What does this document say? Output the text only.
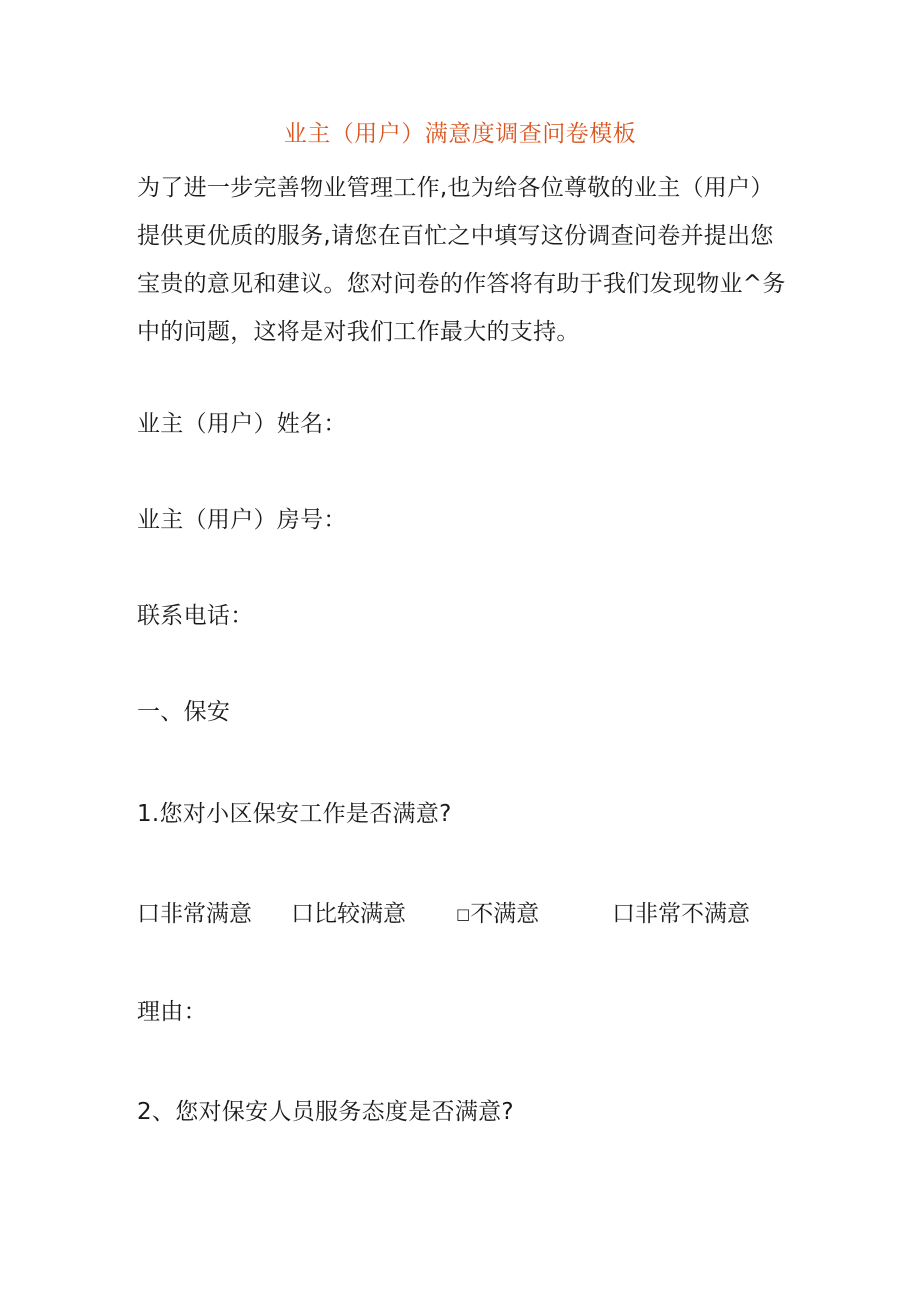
业主（用户）满意度调查问卷模板

为了进一步完善物业管理工作,也为给各位尊敬的业主（用户）

提供更优质的服务,请您在百忙之中填写这份调查问卷并提出您

宝贵的意见和建议。您对问卷的作答将有助于我们发现物业^务

中的问题，这将是对我们工作最大的支持。

业主（用户）姓名：
业主（用户）房号：
联系电话：
一、保安
1.您对小区保安工作是否满意?
口非常满意 口比较满意	□不满意	口非常不满意
理由：
2、您对保安人员服务态度是否满意?
